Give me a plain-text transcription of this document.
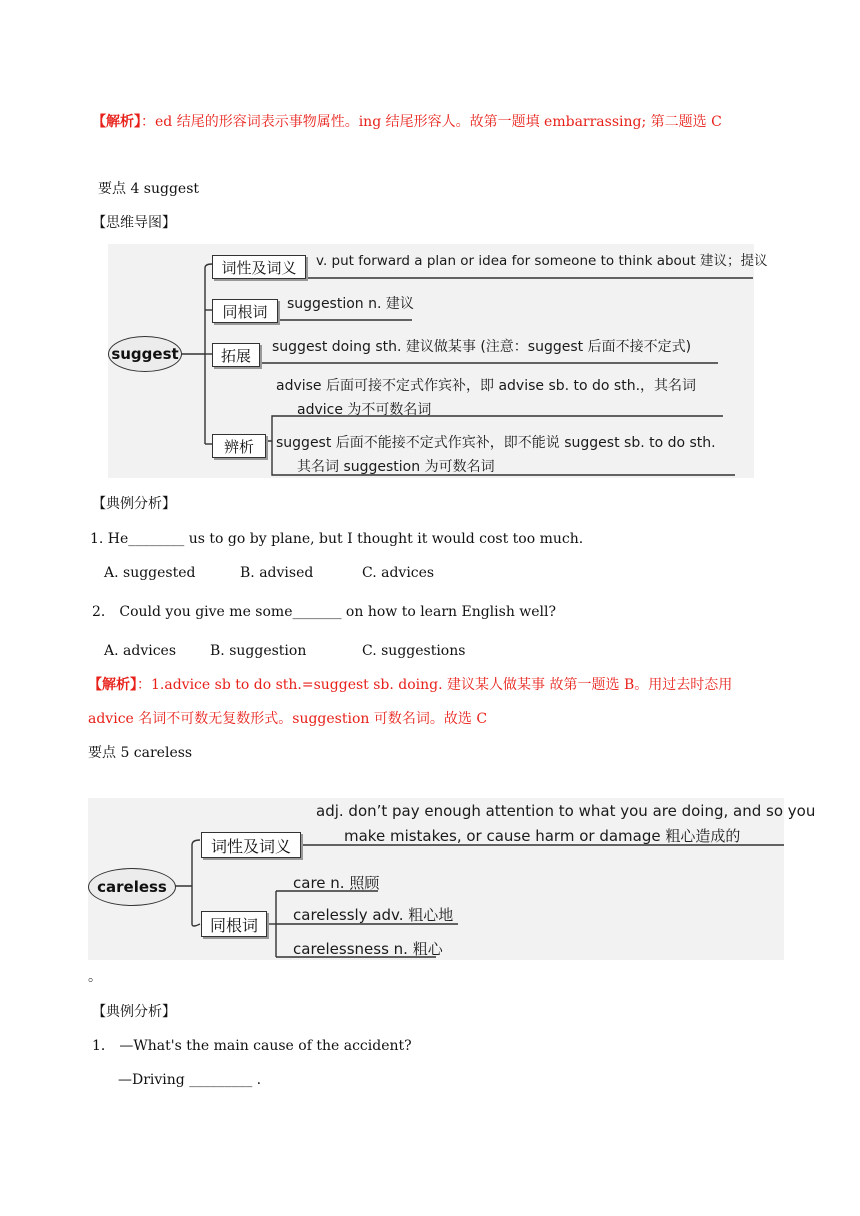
【解析】：ed 结尾的形容词表示事物属性。ing 结尾形容人。故第一题填 embarrassing; 第二题选 C
要点 4 suggest
【思维导图】
suggest
词性及词义
同根词
拓展
辨析
v. put forward a plan or idea for someone to think about 建议；提议
suggestion n. 建议
suggest doing sth. 建议做某事 (注意：suggest 后面不接不定式)
advise 后面可接不定式作宾补，即 advise sb. to do sth.，其名词
advice 为不可数名词
suggest 后面不能接不定式作宾补，即不能说 suggest sb. to do sth.
其名词 suggestion 为可数名词
【典例分析】
1. He________ us to go by plane, but I thought it would cost too much.
A. suggested	B. advised	C. advices
2． Could you give me some_______ on how to learn English well?
A. advices B. suggestion	C. suggestions
【解析】：1.advice sb to do sth.=suggest sb. doing. 建议某人做某事 故第一题选 B。用过去时态用
advice 名词不可数无复数形式。suggestion 可数名词。故选 C
要点 5 careless
careless
词性及词义
同根词
adj. don’t pay enough attention to what you are doing, and so you
make mistakes, or cause harm or damage 粗心造成的
care n. 照顾
carelessly adv. 粗心地
carelessness n. 粗心
。
【典例分析】
1． —What's the main cause of the accident?
—Driving _________ .
